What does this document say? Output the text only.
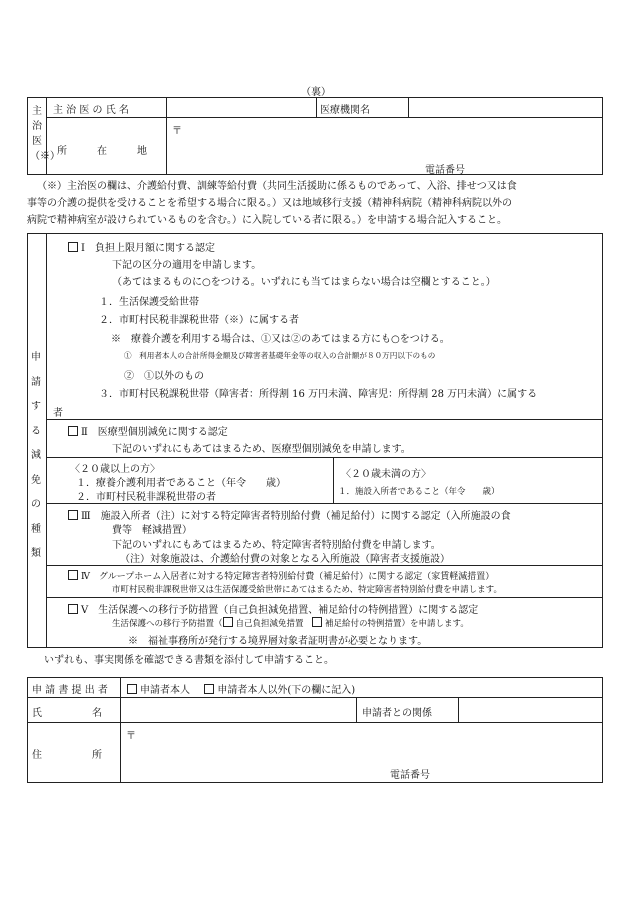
（裏）
主治医（※）
主 治 医 の 氏 名	医療機関名
所　　　在　　　地
〒
電話番号
（※）主治医の欄は、介護給付費、訓練等給付費（共同生活援助に係るものであって、入浴、排せつ又は食
事等の介護の提供を受けることを希望する場合に限る。）又は地域移行支援（精神科病院（精神科病院以外の
病院で精神病室が設けられているものを含む。）に入院している者に限る。）を申請する場合記入すること。
申請する減免の種類
Ⅰ　負担上限月額に関する認定
下記の区分の適用を申請します。
（あてはまるものに○をつける。いずれにも当てはまらない場合は空欄とすること。）
１．生活保護受給世帯
２．市町村民税非課税世帯（※）に属する者
※　療養介護を利用する場合は、①又は②のあてはまる方にも○をつける。
①　利用者本人の合計所得金額及び障害者基礎年金等の収入の合計額が８０万円以下のもの
②　①以外のもの
３．市町村民税課税世帯（障害者：所得割 16 万円未満、障害児：所得割 28 万円未満）に属する
者
Ⅱ　医療型個別減免に関する認定
下記のいずれにもあてはまるため、医療型個別減免を申請します。
〈２０歳以上の方〉
１．療養介護利用者であること（年令　　歳）
２．市町村民税非課税世帯の者
〈２０歳未満の方〉
１．施設入所者であること（年令　　歳）
Ⅲ　施設入所者（注）に対する特定障害者特別給付費（補足給付）に関する認定（入所施設の食
費等　軽減措置）
下記のいずれにもあてはまるため、特定障害者特別給付費を申請します。
（注）対象施設は、介護給付費の対象となる入所施設（障害者支援施設）
Ⅳ　グループホーム入居者に対する特定障害者特別給付費（補足給付）に関する認定（家賃軽減措置）
市町村民税非課税世帯又は生活保護受給世帯にあてはまるため、特定障害者特別給付費を申請します。
Ⅴ　生活保護への移行予防措置（自己負担減免措置、補足給付の特例措置）に関する認定
生活保護への移行予防措置（ 自己負担減免措置　補足給付の特例措置）を申請します。
※　福祉事務所が発行する境界層対象者証明書が必要となります。
いずれも、事実関係を確認できる書類を添付して申請すること。
申 請 書 提 出 者	申請者本人	申請者本人以外(下の欄に記入)
氏　　　　　名	申請者との関係
住　　　　　所
〒
電話番号
